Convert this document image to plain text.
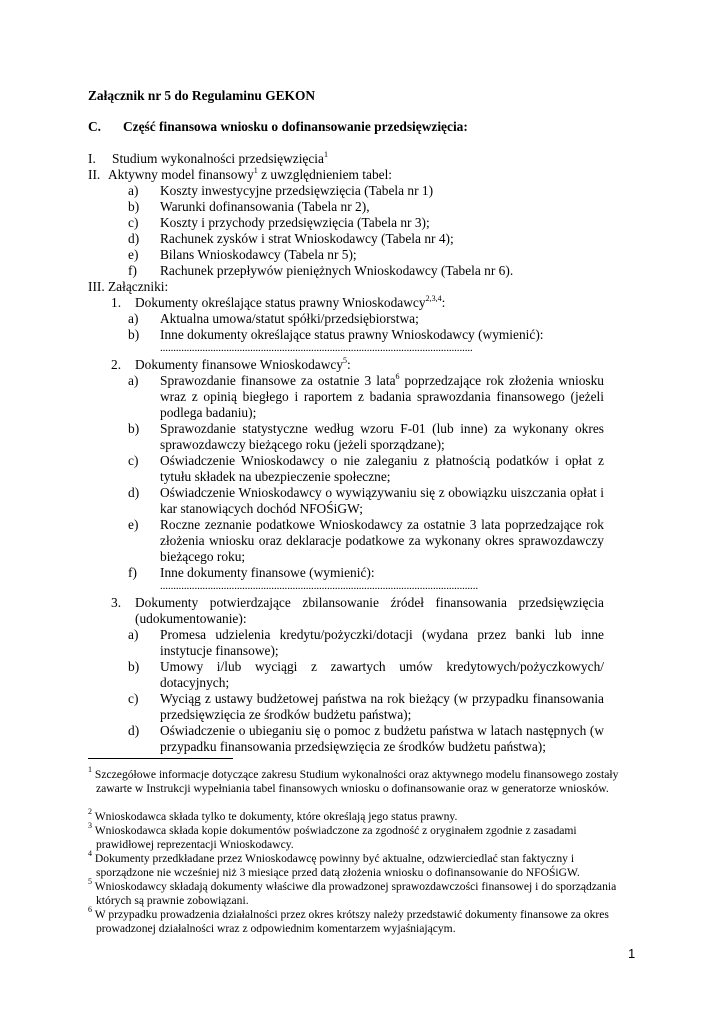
Załącznik nr 5 do Regulaminu GEKON
C. Część finansowa wniosku o dofinansowanie przedsięwzięcia:
I. Studium wykonalności przedsięwzięcia$^1$
II. Aktywny model finansowy$^1$ z uwzględnieniem tabel:
a) Koszty inwestycyjne przedsięwzięcia (Tabela nr 1)
b) Warunki dofinansowania (Tabela nr 2),
c) Koszty i przychody przedsięwzięcia (Tabela nr 3);
d) Rachunek zysków i strat Wnioskodawcy (Tabela nr 4);
e) Bilans Wnioskodawcy (Tabela nr 5);
f) Rachunek przepływów pieniężnych Wnioskodawcy (Tabela nr 6).
III. Załączniki:
1. Dokumenty określające status prawny Wnioskodawcy$^{2,3,4}$:
a) Aktualna umowa/statut spółki/przedsiębiorstwa;
b) Inne dokumenty określające status prawny Wnioskodawcy (wymienić):
......................................................................................................................
2. Dokumenty finansowe Wnioskodawcy$^5$:
a) Sprawozdanie finansowe za ostatnie 3 lata$^6$ poprzedzające rok złożenia wniosku wraz z opinią biegłego i raportem z badania sprawozdania finansowego (jeżeli podlega badaniu);
b) Sprawozdanie statystyczne według wzoru F-01 (lub inne) za wykonany okres sprawozdawczy bieżącego roku (jeżeli sporządzane);
c) Oświadczenie Wnioskodawcy o nie zaleganiu z płatnością podatków i opłat z tytułu składek na ubezpieczenie społeczne;
d) Oświadczenie Wnioskodawcy o wywiązywaniu się z obowiązku uiszczania opłat i kar stanowiących dochód NFOŚiGW;
e) Roczne zeznanie podatkowe Wnioskodawcy za ostatnie 3 lata poprzedzające rok złożenia wniosku oraz deklaracje podatkowe za wykonany okres sprawozdawczy bieżącego roku;
f) Inne dokumenty finansowe (wymienić):
........................................................................................................................
3. Dokumenty potwierdzające zbilansowanie źródeł finansowania przedsięwzięcia (udokumentowanie):
a) Promesa udzielenia kredytu/pożyczki/dotacji (wydana przez banki lub inne instytucje finansowe);
b) Umowy i/lub wyciągi z zawartych umów kredytowych/pożyczkowych/ dotacyjnych;
c) Wyciąg z ustawy budżetowej państwa na rok bieżący (w przypadku finansowania przedsięwzięcia ze środków budżetu państwa);
d) Oświadczenie o ubieganiu się o pomoc z budżetu państwa w latach następnych (w przypadku finansowania przedsięwzięcia ze środków budżetu państwa);
$^1$ Szczegółowe informacje dotyczące zakresu Studium wykonalności oraz aktywnego modelu finansowego zostały zawarte w Instrukcji wypełniania tabel finansowych wniosku o dofinansowanie oraz w generatorze wniosków.
$^2$ Wnioskodawca składa tylko te dokumenty, które określają jego status prawny.
$^3$ Wnioskodawca składa kopie dokumentów poświadczone za zgodność z oryginałem zgodnie z zasadami prawidłowej reprezentacji Wnioskodawcy.
$^4$ Dokumenty przedkładane przez Wnioskodawcę powinny być aktualne, odzwierciedlać stan faktyczny i sporządzone nie wcześniej niż 3 miesiące przed datą złożenia wniosku o dofinansowanie do NFOŚiGW.
$^5$ Wnioskodawcy składają dokumenty właściwe dla prowadzonej sprawozdawczości finansowej i do sporządzania których są prawnie zobowiązani.
$^6$ W przypadku prowadzenia działalności przez okres krótszy należy przedstawić dokumenty finansowe za okres prowadzonej działalności wraz z odpowiednim komentarzem wyjaśniającym.
1
